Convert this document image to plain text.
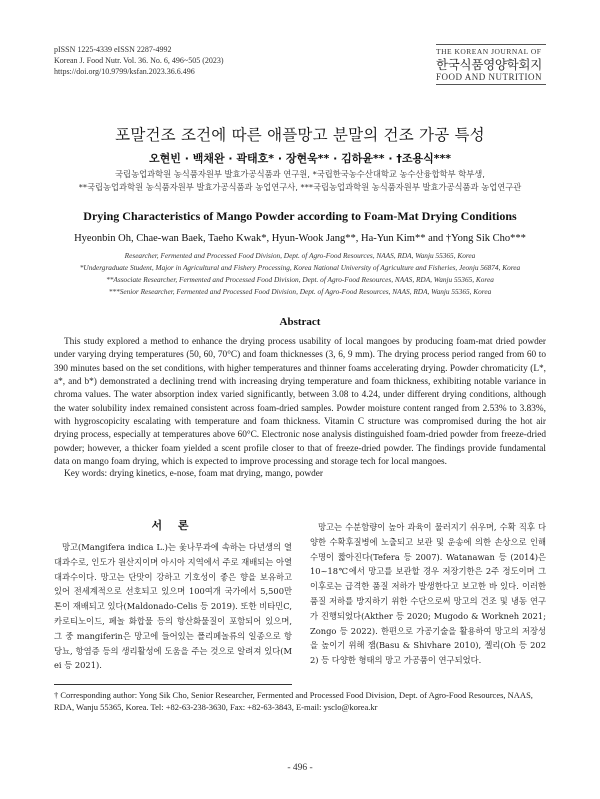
pISSN 1225-4339 eISSN 2287-4992
Korean J. Food Nutr. Vol. 36. No. 6, 496~505 (2023)
https://doi.org/10.9799/ksfan.2023.36.6.496
THE KOREAN JOURNAL OF
한국식품영양학회지
FOOD AND NUTRITION
포말건조 조건에 따른 애플망고 분말의 건조 가공 특성
오현빈 · 백채완 · 곽태호* · 장현욱** · 김하윤** · †조용식***
국립농업과학원 농식품자원부 발효가공식품과 연구원, *국립한국농수산대학교 농수산융합학부 학부생,
**국립농업과학원 농식품자원부 발효가공식품과 농업연구사, ***국립농업과학원 농식품자원부 발효가공식품과 농업연구관
Drying Characteristics of Mango Powder according to Foam-Mat Drying Conditions
Hyeonbin Oh, Chae-wan Baek, Taeho Kwak*, Hyun-Wook Jang**, Ha-Yun Kim** and †Yong Sik Cho***
Researcher, Fermented and Processed Food Division, Dept. of Agro-Food Resources, NAAS, RDA, Wanju 55365, Korea
*Undergraduate Student, Major in Agricultural and Fishery Processing, Korea National University of Agriculture and Fisheries, Jeonju 56874, Korea
**Associate Researcher, Fermented and Processed Food Division, Dept. of Agro-Food Resources, NAAS, RDA, Wanju 55365, Korea
***Senior Researcher, Fermented and Processed Food Division, Dept. of Agro-Food Resources, NAAS, RDA, Wanju 55365, Korea
Abstract

This study explored a method to enhance the drying process usability of local mangoes by producing foam-mat dried powder under varying drying temperatures (50, 60, 70°C) and foam thicknesses (3, 6, 9 mm). The drying process period ranged from 60 to 390 minutes based on the set conditions, with higher temperatures and thinner foams accelerating drying. Powder chromaticity (L*, a*, and b*) demonstrated a declining trend with increasing drying temperature and foam thickness, exhibiting notable variance in chroma values. The water absorption index varied significantly, between 3.08 to 4.24, under different drying conditions, although the water solubility index remained consistent across foam-dried samples. Powder moisture content ranged from 2.53% to 3.83%, with hygroscopicity escalating with temperature and foam thickness. Vitamin C structure was compromised during the hot air drying process, especially at temperatures above 60°C. Electronic nose analysis distinguished foam-dried powder from freeze-dried powder; however, a thicker foam yielded a scent profile closer to that of freeze-dried powder. The findings provide fundamental data on mango foam drying, which is expected to improve processing and storage tech for local mangoes.

Key words: drying kinetics, e-nose, foam mat drying, mango, powder
서 론

망고(Mangifera indica L.)는 옻나무과에 속하는 다년생의 열대과수로, 인도가 원산지이며 아시아 지역에서 주로 재배되는 아열대과수이다. 망고는 단맛이 강하고 기호성이 좋은 향을 보유하고 있어 전세계적으로 선호되고 있으며 100여개 국가에서 5,500만 톤이 재배되고 있다(Maldonado-Celis 등 2019). 또한 비타민C, 카로티노이드, 페놀 화합물 등의 항산화물질이 포함되어 있으며, 그 중 mangiferin은 망고에 들어있는 폴리페놀류의 일종으로 항당뇨, 항염증 등의 생리활성에 도움을 주는 것으로 알려져 있다(Mei 등 2021).

망고는 수분함량이 높아 과육이 물러지기 쉬우며, 수확 직후 다양한 수확후질병에 노출되고 보관 및 운송에 의한 손상으로 인해 수명이 짧아진다(Tefera 등 2007). Watanawan 등 (2014)은 10~18℃에서 망고를 보관할 경우 저장기한은 2주 정도이며 그 이후로는 급격한 품질 저하가 발생한다고 보고한 바 있다. 이러한 품질 저하를 방지하기 위한 수단으로써 망고의 건조 및 냉동 연구가 진행되었다(Akther 등 2020; Mugodo & Workneh 2021; Zongo 등 2022). 한편으로 가공기술을 활용하여 망고의 저장성을 높이기 위해 잼(Basu & Shivhare 2010), 젤리(Oh 등 2022) 등 다양한 형태의 망고 가공품이 연구되었다.

† Corresponding author: Yong Sik Cho, Senior Researcher, Fermented and Processed Food Division, Dept. of Agro-Food Resources, NAAS, RDA, Wanju 55365, Korea. Tel: +82-63-238-3630, Fax: +82-63-3843, E-mail: ysclo@korea.kr
- 496 -
